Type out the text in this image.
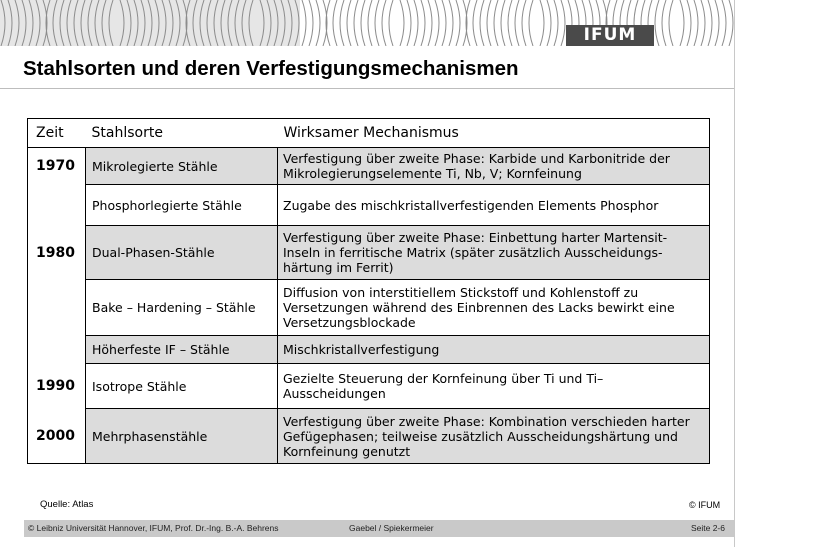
IFUM
Stahlsorten und deren Verfestigungsmechanismen
Zeit	Stahlsorte	Wirksamer Mechanismus
1970	Mikrolegierte Stähle	Verfestigung über zweite Phase: Karbide und Karbonitride der
Mikrolegierungselemente Ti, Nb, V; Kornfeinung
	Phosphorlegierte Stähle	Zugabe des mischkristallverfestigenden Elements Phosphor
1980	Dual-Phasen-Stähle	Verfestigung über zweite Phase: Einbettung harter Martensit-
Inseln in ferritische Matrix (später zusätzlich Ausscheidungs-
härtung im Ferrit)
	Bake – Hardening – Stähle	Diffusion von interstitiellem Stickstoff und Kohlenstoff zu
Versetzungen während des Einbrennen des Lacks bewirkt eine
Versetzungsblockade
	Höherfeste IF – Stähle	Mischkristallverfestigung
1990	Isotrope Stähle	Gezielte Steuerung der Kornfeinung über Ti und Ti–
Ausscheidungen
2000	Mehrphasenstähle	Verfestigung über zweite Phase: Kombination verschieden harter
Gefügephasen; teilweise zusätzlich Ausscheidungshärtung und
Kornfeinung genutzt
Quelle: Atlas	© IFUM
© Leibniz Universität Hannover, IFUM, Prof. Dr.-Ing. B.-A. Behrens	Gaebel / Spiekermeier	Seite 2-6
